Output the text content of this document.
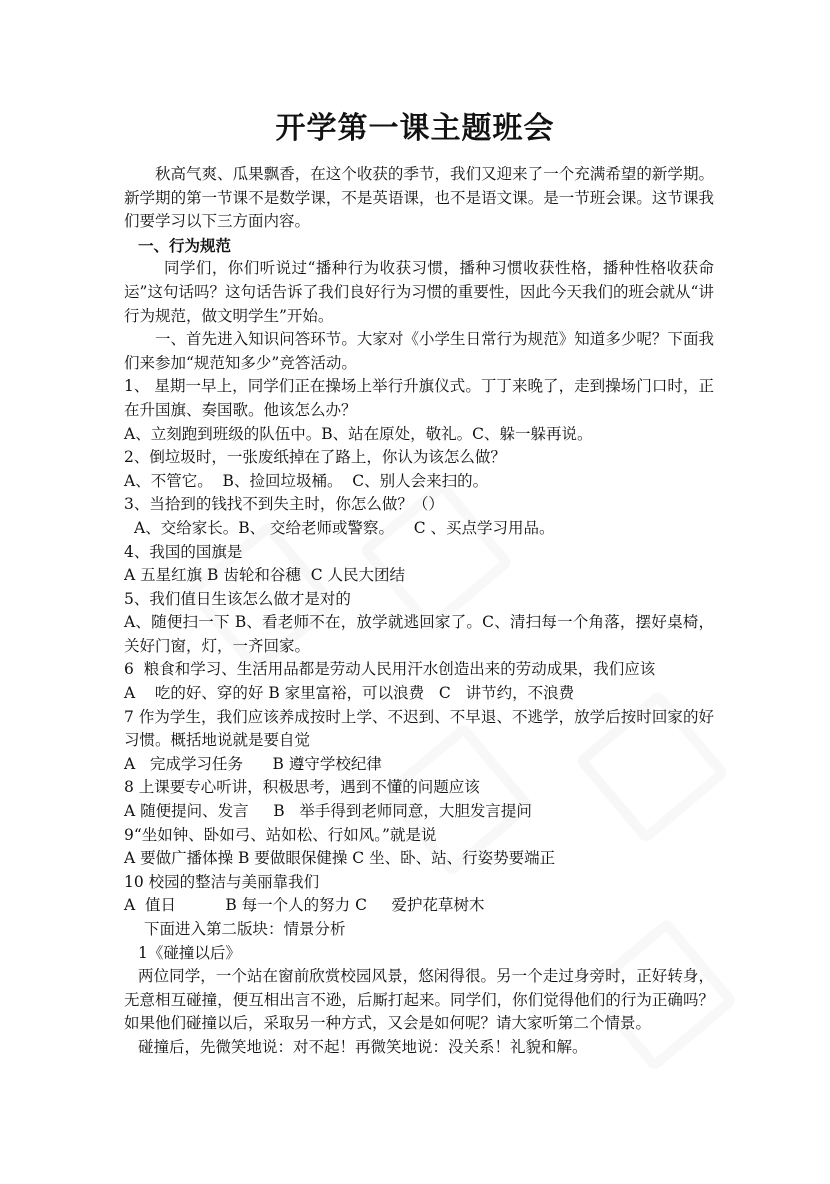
开学第一课主题班会

秋高气爽、瓜果飘香，在这个收获的季节，我们又迎来了一个充满希望的新学期。新学期的第一节课不是数学课，不是英语课，也不是语文课。是一节班会课。这节课我们要学习以下三方面内容。

一、行为规范

同学们，你们听说过“播种行为收获习惯，播种习惯收获性格，播种性格收获命运”这句话吗？这句话告诉了我们良好行为习惯的重要性，因此今天我们的班会就从“讲行为规范，做文明学生”开始。

一、首先进入知识问答环节。大家对《小学生日常行为规范》知道多少呢？下面我们来参加“规范知多少”竞答活动。

1、 星期一早上，同学们正在操场上举行升旗仪式。丁丁来晚了，走到操场门口时，正在升国旗、奏国歌。他该怎么办？

A、立刻跑到班级的队伍中。B、站在原处，敬礼。C、躲一躲再说。

2、倒垃圾时，一张废纸掉在了路上，你认为该怎么做？

A、不管它。  B、捡回垃圾桶。  C、别人会来扫的。

3、当拾到的钱找不到失主时，你怎么做？（）

A、交给家长。B、 交给老师或警察。    C 、买点学习用品。

4、我国的国旗是

A 五星红旗 B 齿轮和谷穗  C 人民大团结

5、我们值日生该怎么做才是对的

A、随便扫一下 B、看老师不在，放学就逃回家了。C、清扫每一个角落，摆好桌椅，关好门窗，灯，一齐回家。

6  粮食和学习、生活用品都是劳动人民用汗水创造出来的劳动成果，我们应该

A    吃的好、穿的好 B 家里富裕，可以浪费   C   讲节约，不浪费

7 作为学生，我们应该养成按时上学、不迟到、不早退、不逃学，放学后按时回家的好习惯。概括地说就是要自觉

A   完成学习任务      B 遵守学校纪律

8 上课要专心听讲，积极思考，遇到不懂的问题应该

A 随便提问、发言     B   举手得到老师同意，大胆发言提问

9“坐如钟、卧如弓、站如松、行如风。”就是说

A 要做广播体操 B 要做眼保健操 C 坐、卧、站、行姿势要端正

10 校园的整洁与美丽靠我们

A  值日          B 每一个人的努力 C     爱护花草树木

下面进入第二版块：情景分析

1《碰撞以后》

两位同学，一个站在窗前欣赏校园风景，悠闲得很。另一个走过身旁时，正好转身，无意相互碰撞，便互相出言不逊，后厮打起来。同学们，你们觉得他们的行为正确吗？如果他们碰撞以后，采取另一种方式，又会是如何呢？请大家听第二个情景。

碰撞后，先微笑地说：对不起！再微笑地说：没关系！礼貌和解。
